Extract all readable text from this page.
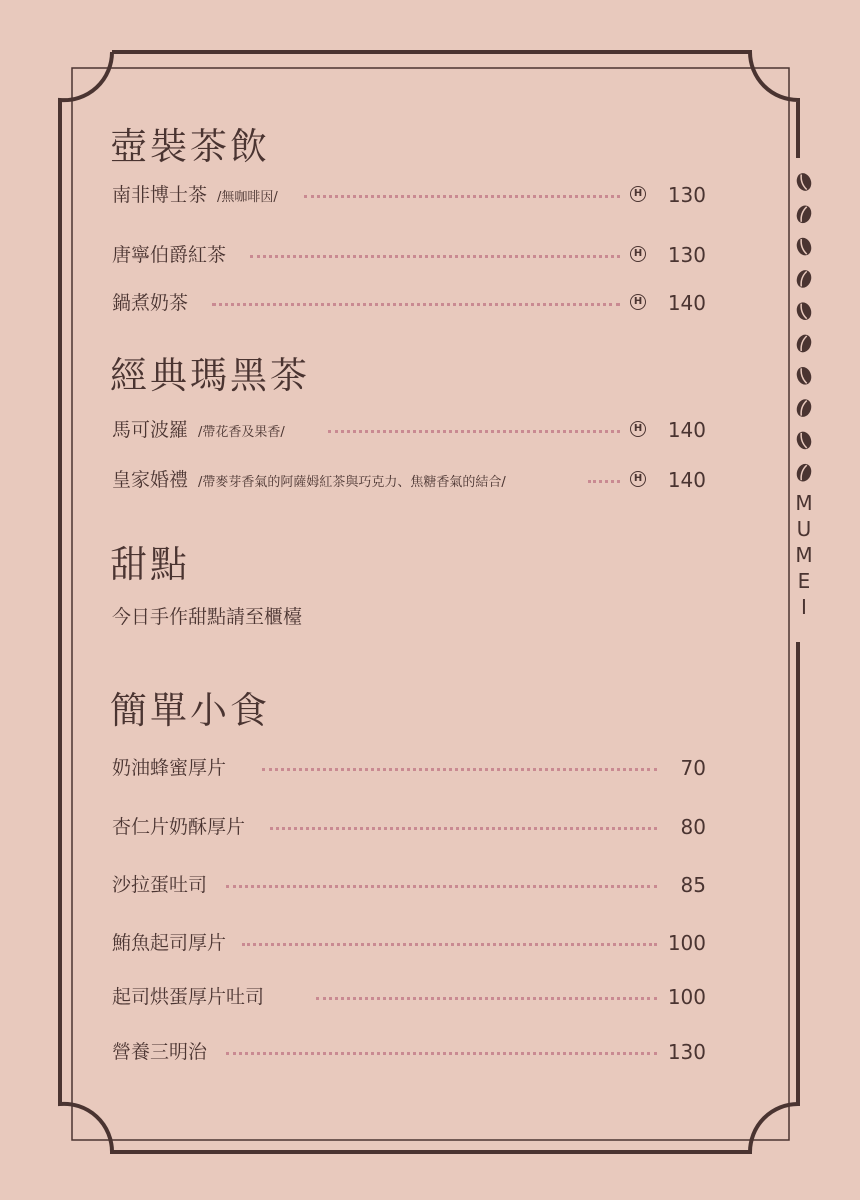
M
U
M
E
I
壺裝茶飲
南非博士茶 /無咖啡因/	H	130
唐寧伯爵紅茶	H	130
鍋煮奶茶	H	140
經典瑪黑茶
馬可波羅 /帶花香及果香/	H	140
皇家婚禮 /帶麥芽香氣的阿薩姆紅茶與巧克力、焦糖香氣的結合/	H	140
甜點
今日手作甜點請至櫃檯
簡單小食
奶油蜂蜜厚片	70
杏仁片奶酥厚片	80
沙拉蛋吐司	85
鮪魚起司厚片	100
起司烘蛋厚片吐司	100
營養三明治	130
